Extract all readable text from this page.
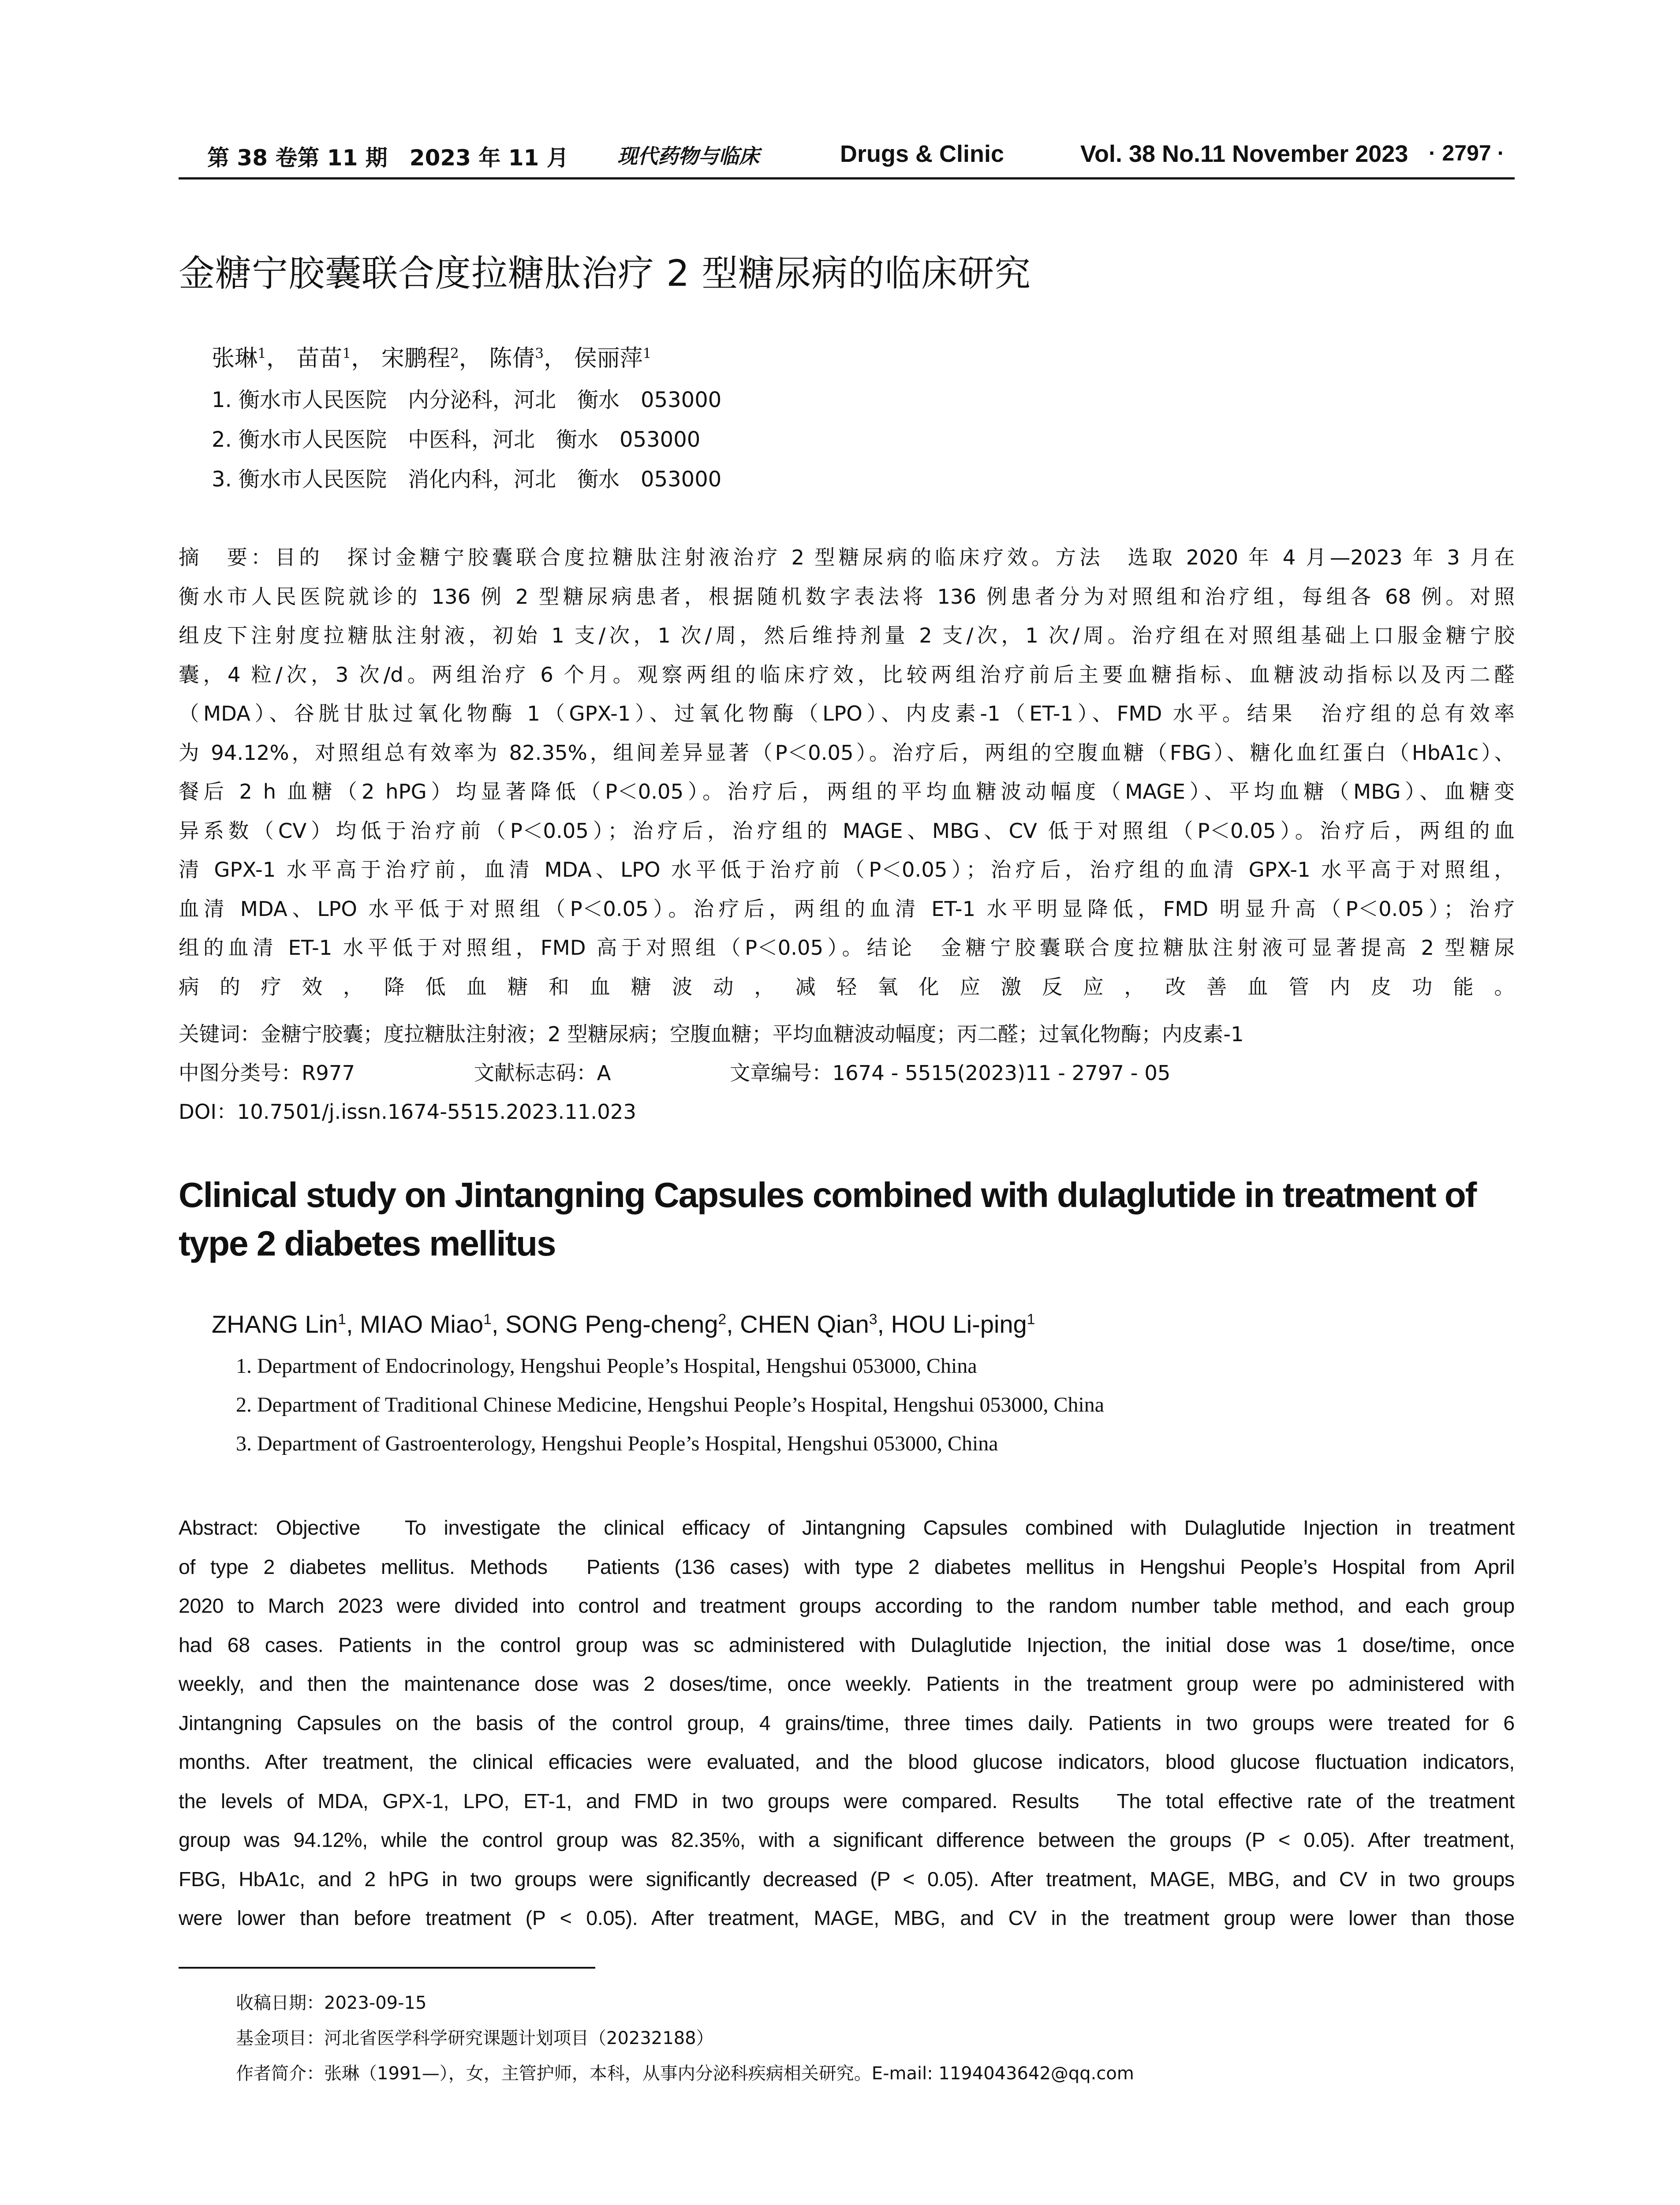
第 38 卷第 11 期　2023 年 11 月 现代药物与临床	Drugs & Clinic	Vol. 38 No.11 November 2023 · 2797 ·
金糖宁胶囊联合度拉糖肽治疗 2 型糖尿病的临床研究
张琳$^1$， 苗苗$^1$， 宋鹏程$^2$， 陈倩$^3$， 侯丽萍$^1$
1. 衡水市人民医院　内分泌科，河北　衡水　053000
2. 衡水市人民医院　中医科，河北　衡水　053000
3. 衡水市人民医院　消化内科，河北　衡水　053000
摘　要：目的　探讨金糖宁胶囊联合度拉糖肽注射液治疗 2 型糖尿病的临床疗效。方法　选取 2020 年 4 月—2023 年 3 月在
衡水市人民医院就诊的 136 例 2 型糖尿病患者，根据随机数字表法将 136 例患者分为对照组和治疗组，每组各 68 例。对照
组皮下注射度拉糖肽注射液，初始 1 支/次，1 次/周，然后维持剂量 2 支/次，1 次/周。治疗组在对照组基础上口服金糖宁胶
囊，4 粒/次，3 次/d。两组治疗 6 个月。观察两组的临床疗效，比较两组治疗前后主要血糖指标、血糖波动指标以及丙二醛
（MDA）、谷胱甘肽过氧化物酶 1（GPX-1）、过氧化物酶（LPO）、内皮素-1（ET-1）、FMD 水平。结果　治疗组的总有效率
为 94.12%，对照组总有效率为 82.35%，组间差异显著（P＜0.05）。治疗后，两组的空腹血糖（FBG）、糖化血红蛋白（HbA1c）、
餐后 2 h 血糖（2 hPG）均显著降低（P＜0.05）。治疗后，两组的平均血糖波动幅度（MAGE）、平均血糖（MBG）、血糖变
异系数（CV）均低于治疗前（P＜0.05）；治疗后，治疗组的 MAGE、MBG、CV 低于对照组（P＜0.05）。治疗后，两组的血
清 GPX-1 水平高于治疗前，血清 MDA、LPO 水平低于治疗前（P＜0.05）；治疗后，治疗组的血清 GPX-1 水平高于对照组，
血清 MDA、LPO 水平低于对照组（P＜0.05）。治疗后，两组的血清 ET-1 水平明显降低，FMD 明显升高（P＜0.05）；治疗
组的血清 ET-1 水平低于对照组，FMD 高于对照组（P＜0.05）。结论　金糖宁胶囊联合度拉糖肽注射液可显著提高 2 型糖尿
病的疗效，降低血糖和血糖波动，减轻氧化应激反应，改善血管内皮功能。
关键词：金糖宁胶囊；度拉糖肽注射液；2 型糖尿病；空腹血糖；平均血糖波动幅度；丙二醛；过氧化物酶；内皮素-1
中图分类号：R977	文献标志码：A	文章编号：1674 - 5515(2023)11 - 2797 - 05
DOI：10.7501/j.issn.1674-5515.2023.11.023
Clinical study on Jintangning Capsules combined with dulaglutide in treatment of type 2 diabetes mellitus
ZHANG Lin$^1$, MIAO Miao$^1$, SONG Peng-cheng$^2$, CHEN Qian$^3$, HOU Li-ping$^1$
1. Department of Endocrinology, Hengshui People’s Hospital, Hengshui 053000, China
2. Department of Traditional Chinese Medicine, Hengshui People’s Hospital, Hengshui 053000, China
3. Department of Gastroenterology, Hengshui People’s Hospital, Hengshui 053000, China
Abstract: Objective　To investigate the clinical efficacy of Jintangning Capsules combined with Dulaglutide Injection in treatment
of type 2 diabetes mellitus. Methods　Patients (136 cases) with type 2 diabetes mellitus in Hengshui People’s Hospital from April
2020 to March 2023 were divided into control and treatment groups according to the random number table method, and each group
had 68 cases. Patients in the control group was sc administered with Dulaglutide Injection, the initial dose was 1 dose/time, once
weekly, and then the maintenance dose was 2 doses/time, once weekly. Patients in the treatment group were po administered with
Jintangning Capsules on the basis of the control group, 4 grains/time, three times daily. Patients in two groups were treated for 6
months. After treatment, the clinical efficacies were evaluated, and the blood glucose indicators, blood glucose fluctuation indicators,
the levels of MDA, GPX-1, LPO, ET-1, and FMD in two groups were compared. Results　The total effective rate of the treatment
group was 94.12%, while the control group was 82.35%, with a significant difference between the groups (P < 0.05). After treatment,
FBG, HbA1c, and 2 hPG in two groups were significantly decreased (P < 0.05). After treatment, MAGE, MBG, and CV in two groups
were lower than before treatment (P < 0.05). After treatment, MAGE, MBG, and CV in the treatment group were lower than those
收稿日期：2023-09-15
基金项目：河北省医学科学研究课题计划项目（20232188）
作者简介：张琳（1991—），女，主管护师，本科，从事内分泌科疾病相关研究。E-mail: 1194043642@qq.com
